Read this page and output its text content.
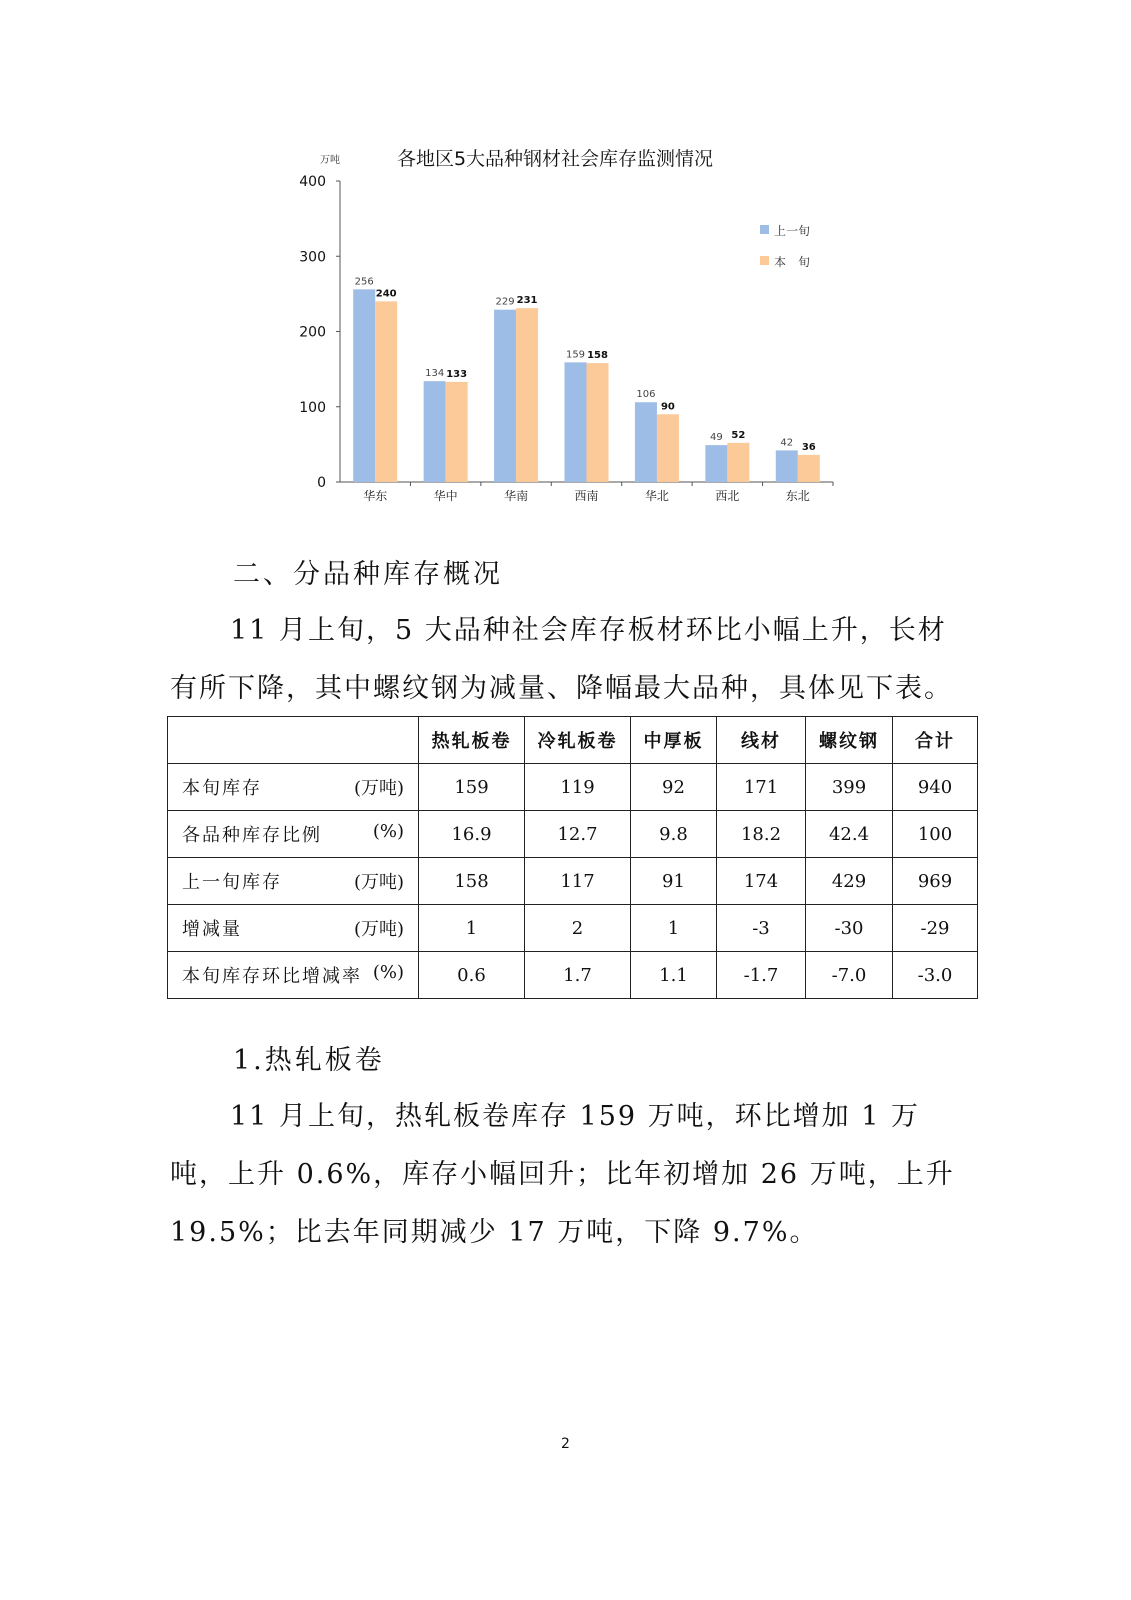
万吨	各地区5大品种钢材社会库存监测情况
0
100
200
300
400
华东	华中	华南	西南	华北	西北	东北
256
240
134 133
229 231
159 158
106
90
49 52
42 36
上一旬
本　旬
二、分品种库存概况

11 月上旬，5 大品种社会库存板材环比小幅上升，长材有所下降，其中螺纹钢为减量、降幅最大品种，具体见下表。

	热轧板卷	冷轧板卷	中厚板	线材	螺纹钢	合计

本旬库存 (万吨)	159	119	92	171	399	940

各品种库存比例 (%)	16.9	12.7	9.8	18.2	42.4	100

上一旬库存 (万吨)	158	117	91	174	429	969

增减量 (万吨)	1	2	1	-3	-30	-29

本旬库存环比增减率 (%)	0.6	1.7	1.1	-1.7	-7.0	-3.0
1.热轧板卷

11 月上旬，热轧板卷库存 159 万吨，环比增加 1 万吨，上升 0.6%，库存小幅回升；比年初增加 26 万吨，上升 19.5%；比去年同期减少 17 万吨，下降 9.7%。

2
